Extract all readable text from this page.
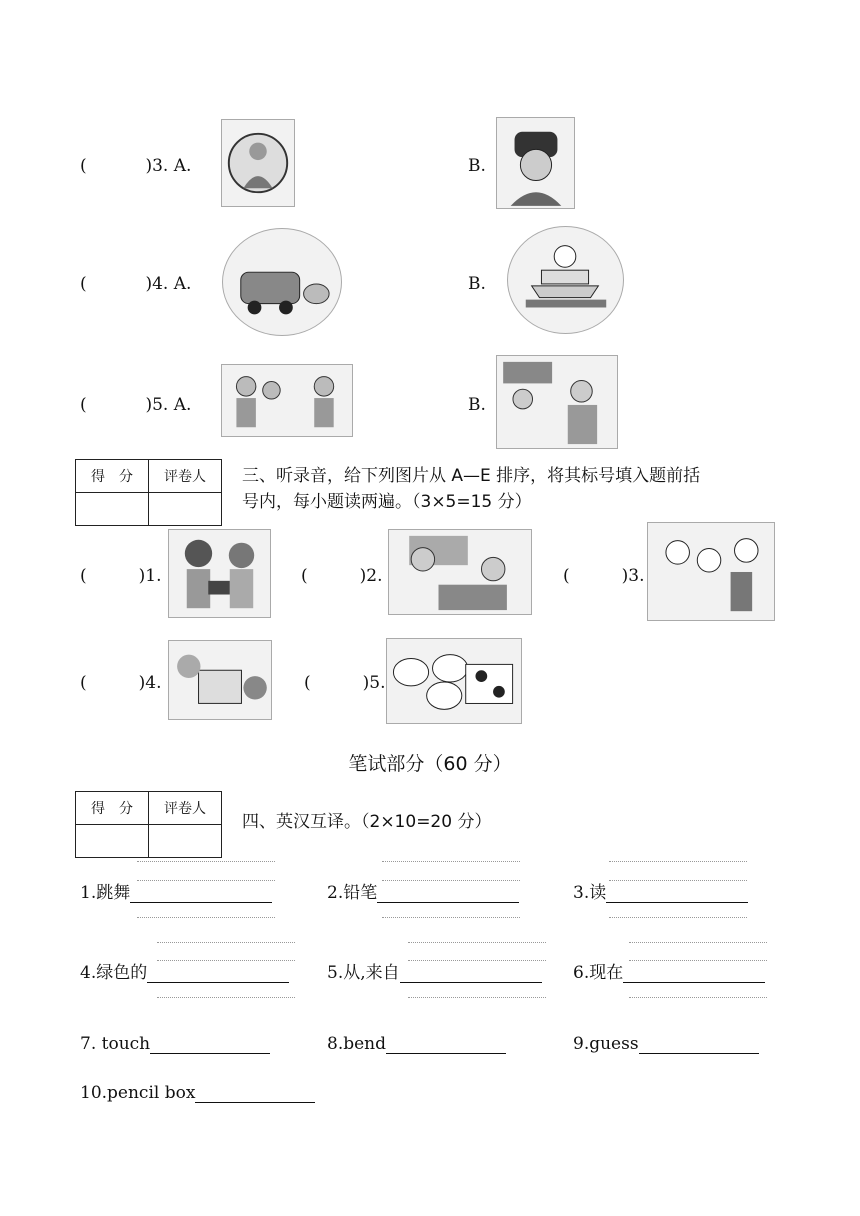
(	)3. A.	B.
(	)4. A.	B.
(	)5. A.	B.
得　分	评卷人
	三、听录音，给下列图片从 A—E 排序，将其标号填入题前括
号内，每小题读两遍。（3×5=15 分）
(	)1.	(	)2.	(	)3.
(	)4.	(	)5.
笔试部分（60 分）
得　分	评卷人

四、英汉互译。（2×10=20 分）
1.跳舞	2.铅笔	3.读
4.绿色的	5.从,来自	6.现在
7. touch	8.bend	9.guess
10.pencil box
